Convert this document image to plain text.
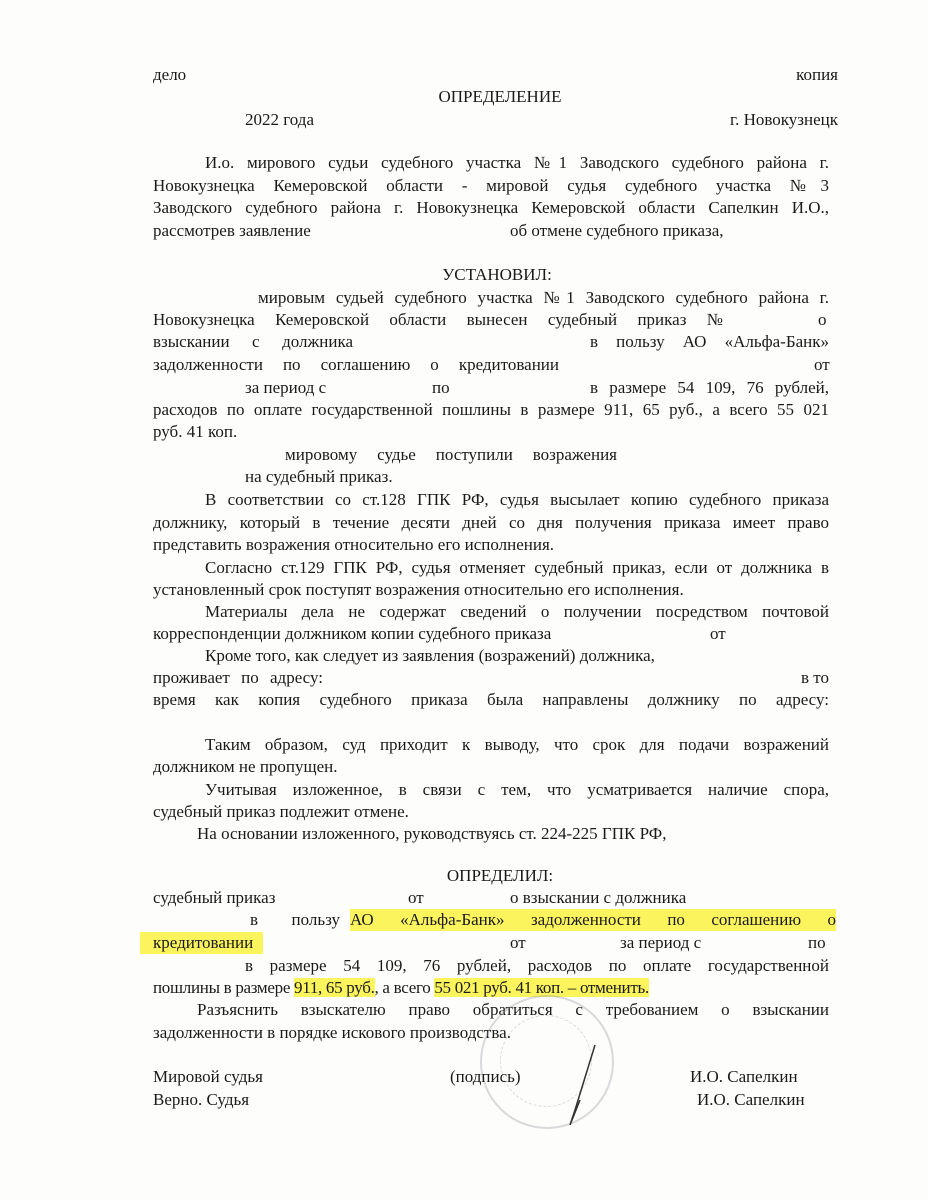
дело	копия
ОПРЕДЕЛЕНИЕ
2022 года	г. Новокузнецк
И.о. мирового судьи судебного участка №1 Заводского судебного района г.
Новокузнецка Кемеровской области - мировой судья судебного участка №3
Заводского судебного района г. Новокузнецка Кемеровской области Сапелкин И.О.,
рассмотрев заявление	об отмене судебного приказа,
УСТАНОВИЛ:
мировым судьей судебного участка №1 Заводского судебного района г.
Новокузнецка Кемеровской области вынесен судебный приказ №	о
взыскании с должника	в пользу АО «Альфа-Банк»
задолженности по соглашению о кредитовании	от
за период с	по	в размере 54 109, 76 рублей,
расходов по оплате государственной пошлины в размере 911, 65 руб., а всего 55 021
руб. 41 коп.
мировому судье поступили возражения
на судебный приказ.
В соответствии со ст.128 ГПК РФ, судья высылает копию судебного приказа
должнику, который в течение десяти дней со дня получения приказа имеет право
представить возражения относительно его исполнения.
Согласно ст.129 ГПК РФ, судья отменяет судебный приказ, если от должника в
установленный срок поступят возражения относительно его исполнения.
Материалы дела не содержат сведений о получении посредством почтовой
корреспонденции должником копии судебного приказа	от
Кроме того, как следует из заявления (возражений) должника,
проживает по адресу:	в то
время как копия судебного приказа была направлены должнику по адресу:
Таким образом, суд приходит к выводу, что срок для подачи возражений
должником не пропущен.
Учитывая изложенное, в связи с тем, что усматривается наличие спора,
судебный приказ подлежит отмене.
На основании изложенного, руководствуясь ст. 224-225 ГПК РФ,
ОПРЕДЕЛИЛ:
судебный приказ	от	о взыскании с должника
в пользу АО «Альфа-Банк» задолженности по соглашению о
кредитовании	от	за период с	по
в размере 54 109, 76 рублей, расходов по оплате государственной
пошлины в размере 911, 65 руб., а всего 55 021 руб. 41 коп. – отменить.
Разъяснить взыскателю право обратиться с требованием о взыскании
задолженности в порядке искового производства.
Мировой судья	(подпись)	И.О. Сапелкин
Верно. Судья	И.О. Сапелкин
